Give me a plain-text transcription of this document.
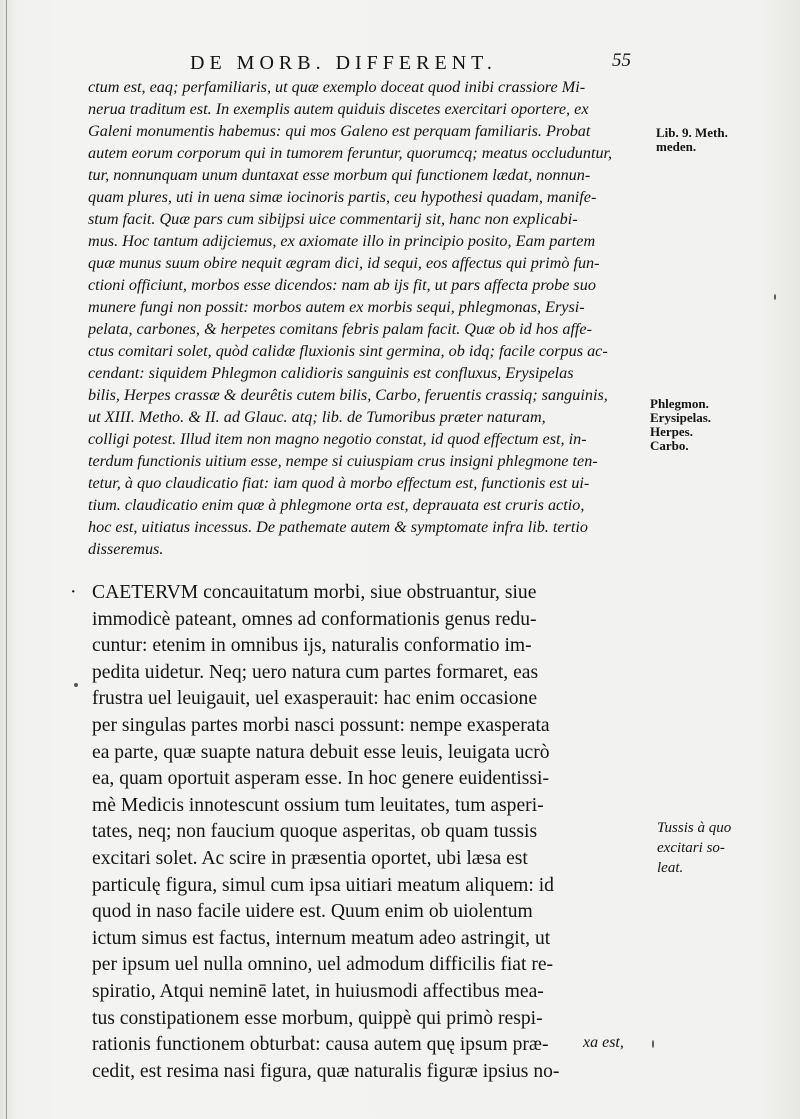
DE MORB. DIFFERENT.	55
ctum est, eaq; perfamiliaris, ut quæ exemplo doceat quod inibi crassiore Mi-
nerua traditum est. In exemplis autem quiduis discetes exercitari oportere, ex
Galeni monumentis habemus: qui mos Galeno est perquam familiaris. Probat
autem eorum corporum qui in tumorem feruntur, quorumcq; meatus occluduntur,
tur, nonnunquam unum duntaxat esse morbum qui functionem lædat, nonnun-
quam plures, uti in uena simæ iocinoris partis, ceu hypothesi quadam, manife-
stum facit. Quæ pars cum sibijpsi uice commentarij sit, hanc non explicabi-
mus. Hoc tantum adijciemus, ex axiomate illo in principio posito, Eam partem
quæ munus suum obire nequit ægram dici, id sequi, eos affectus qui primò fun-
ctioni officiunt, morbos esse dicendos: nam ab ijs fit, ut pars affecta probe suo
munere fungi non possit: morbos autem ex morbis sequi, phlegmonas, Erysi-
pelata, carbones, & herpetes comitans febris palam facit. Quæ ob id hos affe-
ctus comitari solet, quòd calidæ fluxionis sint germina, ob idq; facile corpus ac-
cendant: siquidem Phlegmon calidioris sanguinis est confluxus, Erysipelas
bilis, Herpes crassæ & deurêtis cutem bilis, Carbo, feruentis crassiq; sanguinis,
ut XIII. Metho. & II. ad Glauc. atq; lib. de Tumoribus præter naturam,
colligi potest. Illud item non magno negotio constat, id quod effectum est, in-
terdum functionis uitium esse, nempe si cuiuspiam crus insigni phlegmone ten-
tetur, à quo claudicatio fiat: iam quod à morbo effectum est, functionis est ui-
tium. claudicatio enim quæ à phlegmone orta est, deprauata est cruris actio,
hoc est, uitiatus incessus. De pathemate autem & symptomate infra lib. tertio
disseremus.
· CAETERVM concauitatum morbi, siue obstruantur, siue
immodicè pateant, omnes ad conformationis genus redu-
cuntur: etenim in omnibus ijs, naturalis conformatio im-
pedita uidetur. Neq; uero natura cum partes formaret, eas
frustra uel leuigauit, uel exasperauit: hac enim occasione
per singulas partes morbi nasci possunt: nempe exasperata
ea parte, quæ suapte natura debuit esse leuis, leuigata ucrò
ea, quam oportuit asperam esse. In hoc genere euidentissi-
mè Medicis innotescunt ossium tum leuitates, tum asperi-
tates, neq; non faucium quoque asperitas, ob quam tussis
excitari solet. Ac scire in præsentia oportet, ubi læsa est
particulę figura, simul cum ipsa uitiari meatum aliquem: id
quod in naso facile uidere est. Quum enim ob uiolentum
ictum simus est factus, internum meatum adeo astringit, ut
per ipsum uel nulla omnino, uel admodum difficilis fiat re-
spiratio, Atqui neminē latet, in huiusmodi affectibus mea-
tus constipationem esse morbum, quippè qui primò respi-
rationis functionem obturbat: causa autem quę ipsum præ-
cedit, est resima nasi figura, quæ naturalis figuræ ipsius no-
xa est,
Lib. 9. Meth.
meden.
Phlegmon.
Erysipelas.
Herpes.
Carbo.
Tussis à quo
excitari so-
leat.
